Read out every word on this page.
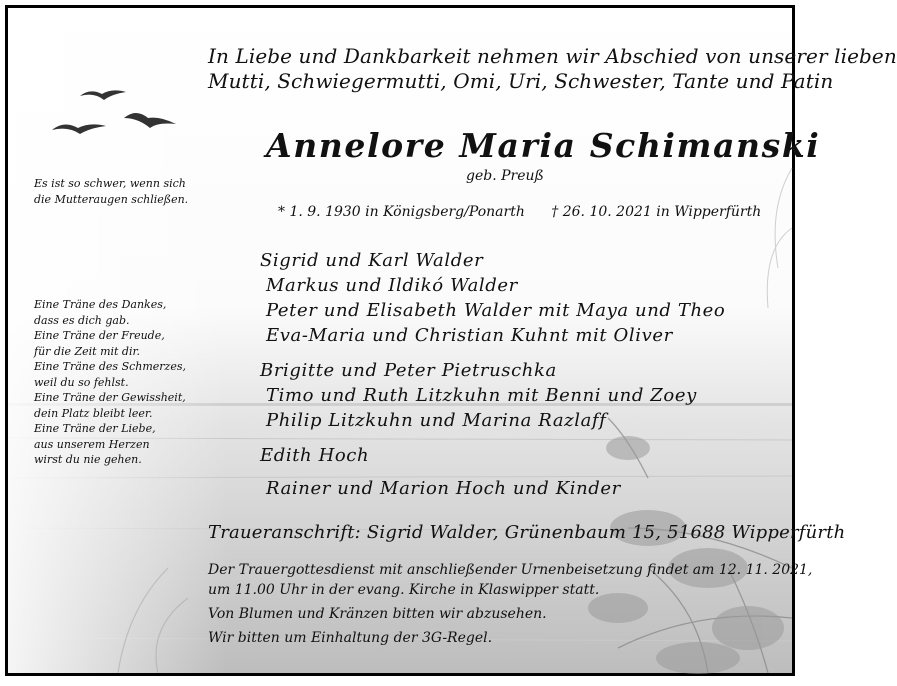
In Liebe und Dankbarkeit nehmen wir Abschied von unserer lieben
Mutti, Schwiegermutti, Omi, Uri, Schwester, Tante und Patin
Annelore Maria Schimanski
geb. Preuß
* 1. 9. 1930 in Königsberg/Ponarth † 26. 10. 2021 in Wipperfürth
Sigrid und Karl Walder
Markus und Ildikó Walder
Peter und Elisabeth Walder mit Maya und Theo
Eva-Maria und Christian Kuhnt mit Oliver
Brigitte und Peter Pietruschka
Timo und Ruth Litzkuhn mit Benni und Zoey
Philip Litzkuhn und Marina Razlaff
Edith Hoch
Rainer und Marion Hoch und Kinder
Traueranschrift: Sigrid Walder, Grünenbaum 15, 51688 Wipperfürth
Der Trauergottesdienst mit anschließender Urnenbeisetzung findet am 12. 11. 2021,
um 11.00 Uhr in der evang. Kirche in Klaswipper statt.
Von Blumen und Kränzen bitten wir abzusehen.
Wir bitten um Einhaltung der 3G-Regel.
Es ist so schwer, wenn sich
die Mutteraugen schließen.
Eine Träne des Dankes,
dass es dich gab.
Eine Träne der Freude,
für die Zeit mit dir.
Eine Träne des Schmerzes,
weil du so fehlst.
Eine Träne der Gewissheit,
dein Platz bleibt leer.
Eine Träne der Liebe,
aus unserem Herzen
wirst du nie gehen.
